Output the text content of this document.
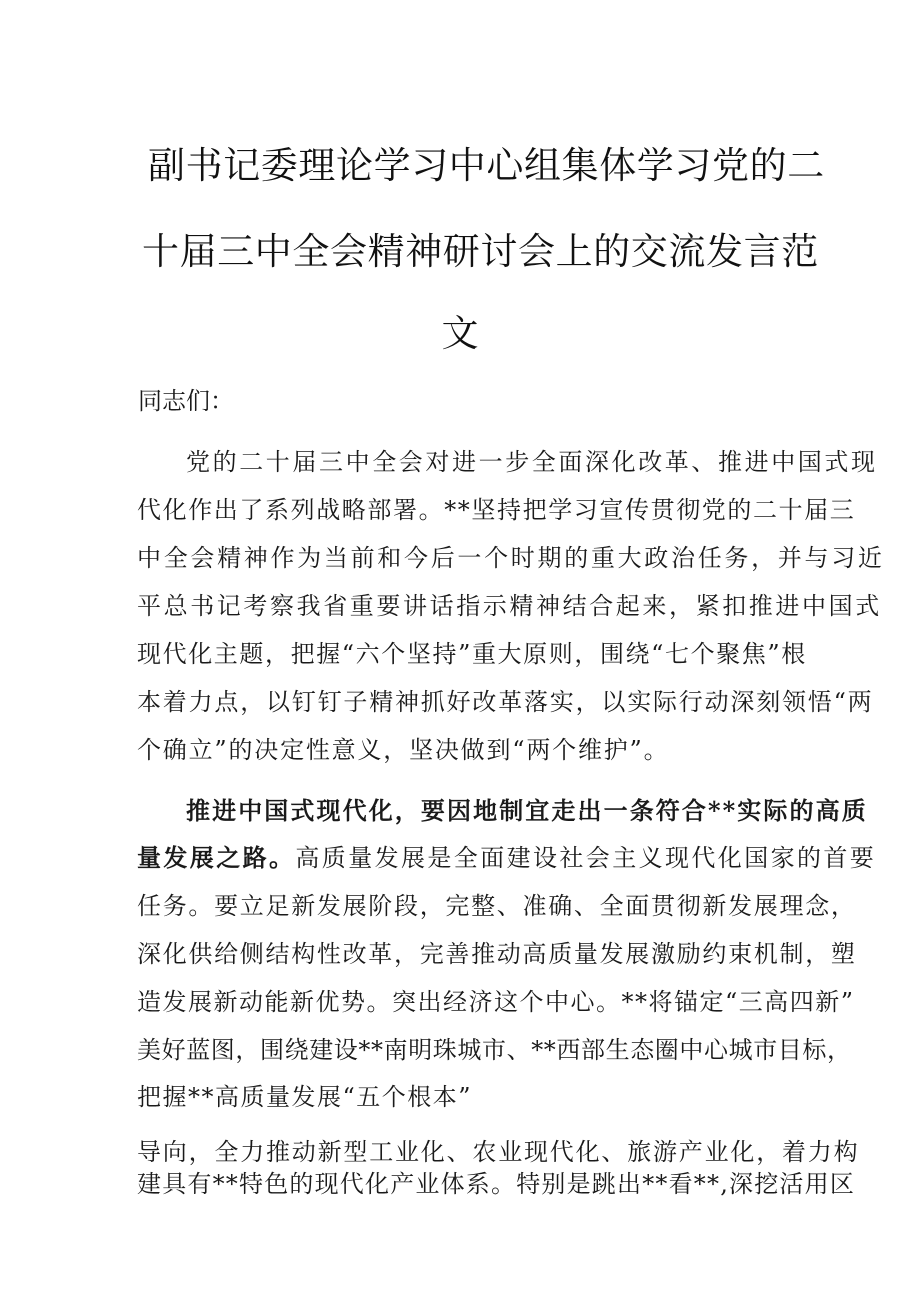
副书记委理论学习中心组集体学习党的二
十届三中全会精神研讨会上的交流发言范
文
同志们：
党的二十届三中全会对进一步全面深化改革、推进中国式现
代化作出了系列战略部署。**坚持把学习宣传贯彻党的二十届三
中全会精神作为当前和今后一个时期的重大政治任务，并与习近
平总书记考察我省重要讲话指示精神结合起来，紧扣推进中国式
现代化主题，把握“六个坚持”重大原则，围绕“七个聚焦”根
本着力点，以钉钉子精神抓好改革落实，以实际行动深刻领悟“两
个确立”的决定性意义，坚决做到“两个维护”。
推进中国式现代化，要因地制宜走出一条符合**实际的高质
量发展之路。高质量发展是全面建设社会主义现代化国家的首要
任务。要立足新发展阶段，完整、准确、全面贯彻新发展理念，
深化供给侧结构性改革，完善推动高质量发展激励约束机制，塑
造发展新动能新优势。突出经济这个中心。**将锚定“三高四新”
美好蓝图，围绕建设**南明珠城市、**西部生态圈中心城市目标，
把握**高质量发展“五个根本”
导向，全力推动新型工业化、农业现代化、旅游产业化，着力构
建具有**特色的现代化产业体系。特别是跳出**看**,深挖活用区
